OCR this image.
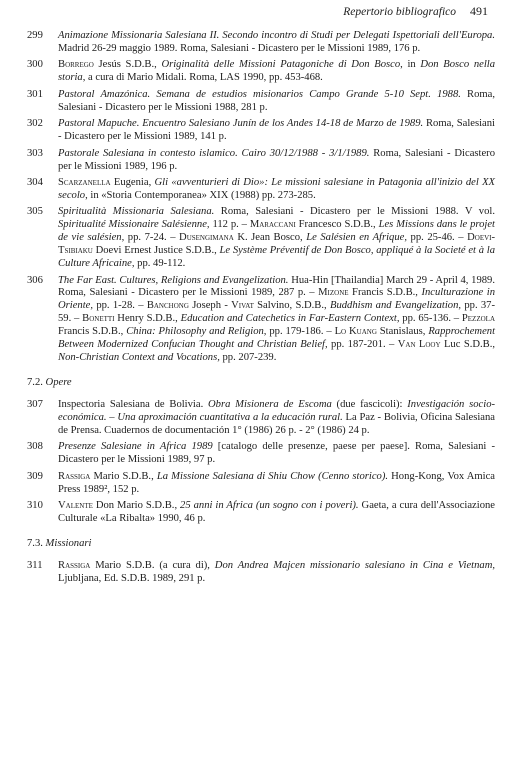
Repertorio bibliografico 491
299	Animazione Missionaria Salesiana II. Secondo incontro di Studi per Delegati Ispettoriali dell'Europa. Madrid 26-29 maggio 1989. Roma, Salesiani - Dicastero per le Missioni 1989, 176 p.
300	Borrego Jesús S.D.B., Originalità delle Missioni Patagoniche di Don Bosco, in Don Bosco nella storia, a cura di Mario Midali. Roma, LAS 1990, pp. 453-468.
301	Pastoral Amazónica. Semana de estudios misionarios Campo Grande 5-10 Sept. 1988. Roma, Salesiani - Dicastero per le Missioni 1988, 281 p.
302	Pastoral Mapuche. Encuentro Salesiano Junín de los Andes 14-18 de Marzo de 1989. Roma, Salesiani - Dicastero per le Missioni 1989, 141 p.
303	Pastorale Salesiana in contesto islamico. Cairo 30/12/1988 - 3/1/1989. Roma, Salesiani - Dicastero per le Missioni 1989, 196 p.
304	Scarzanella Eugenia, Gli «avventurieri di Dio»: Le missioni salesiane in Patagonia all'inizio del XX secolo, in «Storia Contemporanea» XIX (1988) pp. 273-285.
305	Spiritualità Missionaria Salesiana. Roma, Salesiani - Dicastero per le Missioni 1988. V vol. Spiritualité Missionaire Salésienne, 112 p. – Maraccani Francesco S.D.B., Les Missions dans le projet de vie salésien, pp. 7-24. – Dusengimana K. Jean Bosco, Le Salésien en Afrique, pp. 25-46. – Doevi-Tsibiaku Doevi Ernest Justice S.D.B., Le Système Préventif de Don Bosco, appliqué à la Societé et à la Culture Africaine, pp. 49-112.
306	The Far East. Cultures, Religions and Evangelization. Hua-Hin [Thailandia] March 29 - April 4, 1989. Roma, Salesiani - Dicastero per le Missioni 1989, 287 p. – Mizone Francis S.D.B., Inculturazione in Oriente, pp. 1-28. – Banchong Joseph - Vivat Salvino, S.D.B., Buddhism and Evangelization, pp. 37-59. – Bonetti Henry S.D.B., Education and Catechetics in Far-Eastern Context, pp. 65-136. – Pezzola Francis S.D.B., China: Philosophy and Religion, pp. 179-186. – Lo Kuang Stanislaus, Rapprochement Between Modernized Confucian Thought and Christian Belief, pp. 187-201. – Van Looy Luc S.D.B., Non-Christian Context and Vocations, pp. 207-239.
7.2. Opere
307	Inspectoria Salesiana de Bolivia. Obra Misionera de Escoma (due fascicoli): Investigación socio-económica. – Una aproximación cuantitativa a la educación rural. La Paz - Bolivia, Oficina Salesiana de Prensa. Cuadernos de documentación 1° (1986) 26 p. - 2° (1986) 24 p.
308	Presenze Salesiane in Africa 1989 [catalogo delle presenze, paese per paese]. Roma, Salesiani - Dicastero per le Missioni 1989, 97 p.
309	Rassiga Mario S.D.B., La Missione Salesiana di Shiu Chow (Cenno storico). Hong-Kong, Vox Amica Press 1989², 152 p.
310	Valente Don Mario S.D.B., 25 anni in Africa (un sogno con i poveri). Gaeta, a cura dell'Associazione Culturale «La Ribalta» 1990, 46 p.
7.3. Missionari
311	Rassiga Mario S.D.B. (a cura di), Don Andrea Majcen missionario salesiano in Cina e Vietnam, Ljubljana, Ed. S.D.B. 1989, 291 p.
